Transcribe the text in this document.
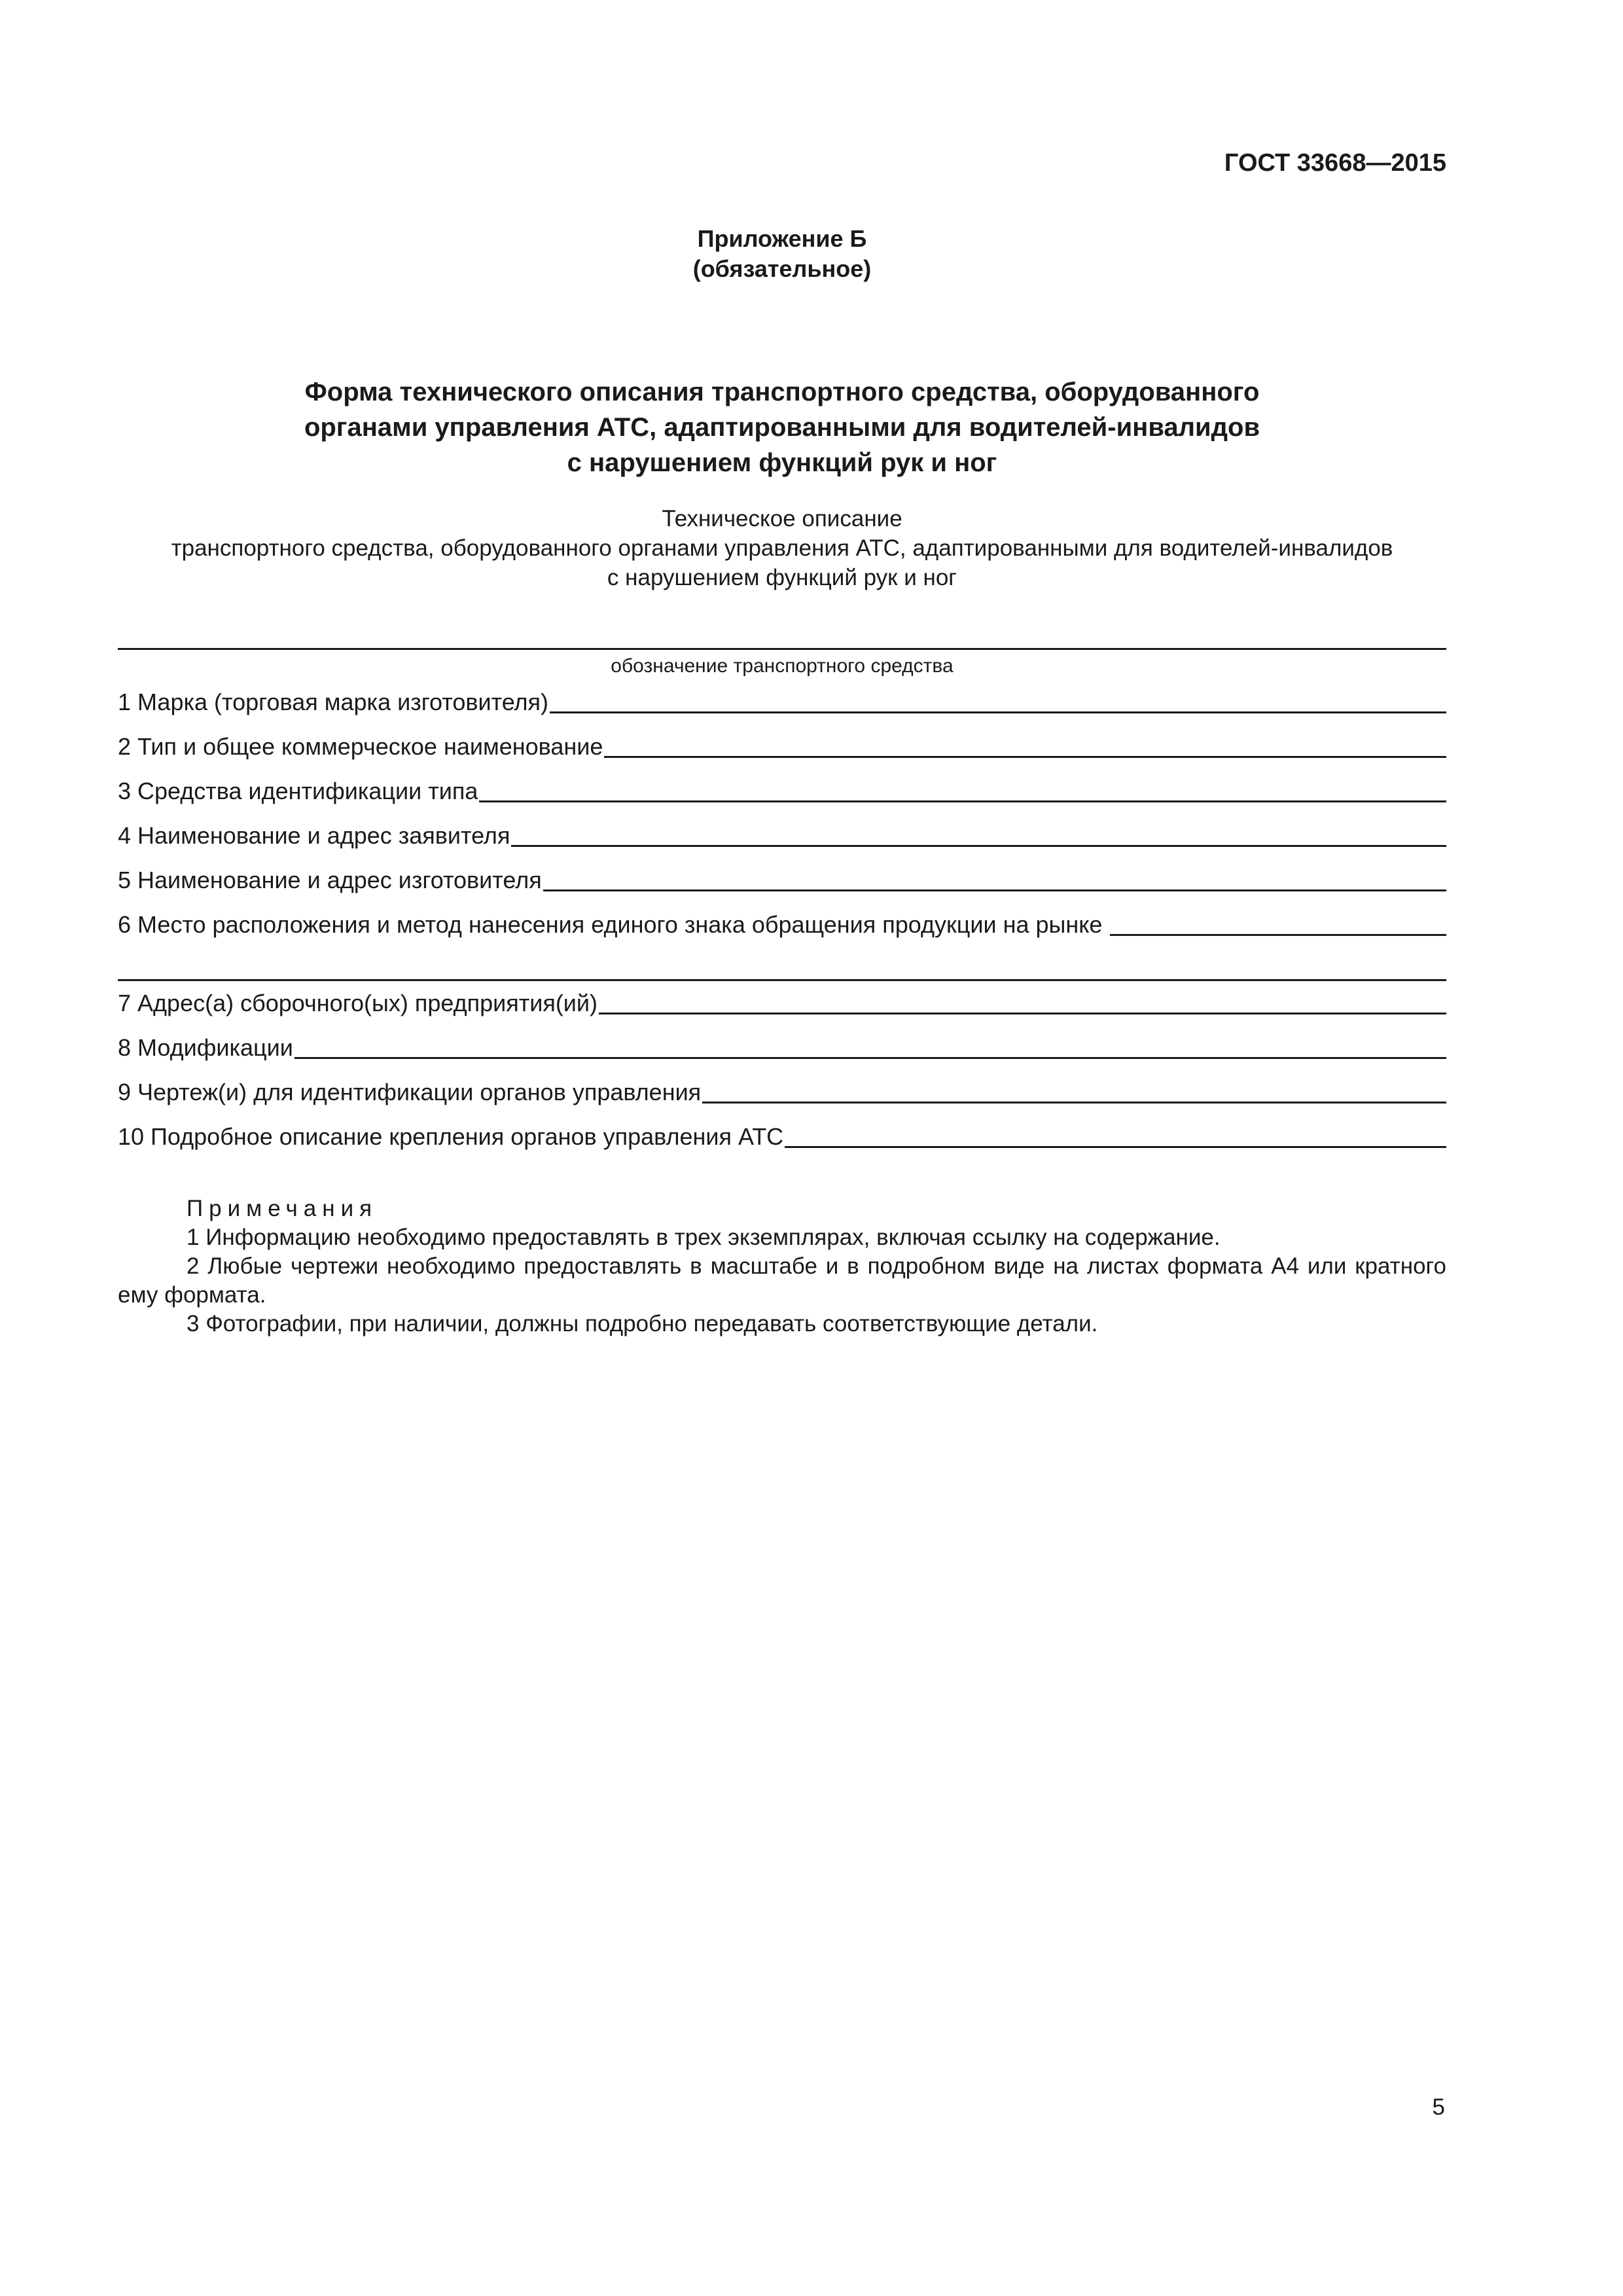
ГОСТ 33668—2015
Приложение Б
(обязательное)
Форма технического описания транспортного средства, оборудованного
органами управления АТС, адаптированными для водителей-инвалидов
с нарушением функций рук и ног
Техническое описание
транспортного средства, оборудованного органами управления АТС, адаптированными для водителей-инвалидов
с нарушением функций рук и ног
обозначение транспортного средства
1 Марка (торговая марка изготовителя)
2 Тип и общее коммерческое наименование
3 Средства идентификации типа
4 Наименование и адрес заявителя
5 Наименование и адрес изготовителя
6 Место расположения и метод нанесения единого знака обращения продукции на рынке
7 Адрес(а) сборочного(ых) предприятия(ий)
8 Модификации
9 Чертеж(и) для идентификации органов управления
10 Подробное описание крепления органов управления АТС
Примечания
1 Информацию необходимо предоставлять в трех экземплярах, включая ссылку на содержание.
2 Любые чертежи необходимо предоставлять в масштабе и в подробном виде на листах формата А4 или кратного ему формата.
3 Фотографии, при наличии, должны подробно передавать соответствующие детали.
5
